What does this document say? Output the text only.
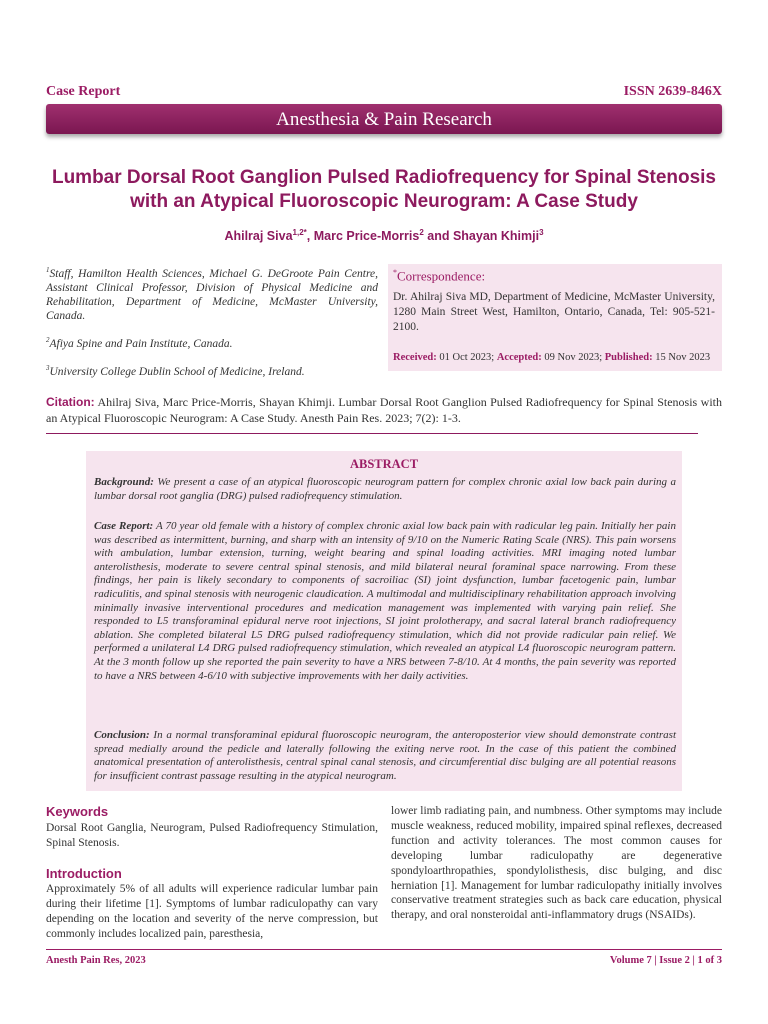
Case Report	ISSN 2639-846X
Anesthesia & Pain Research
Lumbar Dorsal Root Ganglion Pulsed Radiofrequency for Spinal Stenosis
with an Atypical Fluoroscopic Neurogram: A Case Study
Ahilraj Siva$^{1,2*}$, Marc Price-Morris$^2$ and Shayan Khimji$^3$
$^1$Staff, Hamilton Health Sciences, Michael G. DeGroote Pain Centre, Assistant Clinical Professor, Division of Physical Medicine and Rehabilitation, Department of Medicine, McMaster University, Canada.
$^2$Afiya Spine and Pain Institute, Canada.
$^3$University College Dublin School of Medicine, Ireland.
*Correspondence:
Dr. Ahilraj Siva MD, Department of Medicine, McMaster University, 1280 Main Street West, Hamilton, Ontario, Canada, Tel: 905-521-2100.
Received: 01 Oct 2023; Accepted: 09 Nov 2023; Published: 15 Nov 2023
Citation: Ahilraj Siva, Marc Price-Morris, Shayan Khimji. Lumbar Dorsal Root Ganglion Pulsed Radiofrequency for Spinal Stenosis with an Atypical Fluoroscopic Neurogram: A Case Study. Anesth Pain Res. 2023; 7(2): 1-3.
ABSTRACT
Background: We present a case of an atypical fluoroscopic neurogram pattern for complex chronic axial low back pain during a lumbar dorsal root ganglia (DRG) pulsed radiofrequency stimulation.
Case Report: A 70 year old female with a history of complex chronic axial low back pain with radicular leg pain. Initially her pain was described as intermittent, burning, and sharp with an intensity of 9/10 on the Numeric Rating Scale (NRS). This pain worsens with ambulation, lumbar extension, turning, weight bearing and spinal loading activities. MRI imaging noted lumbar anterolisthesis, moderate to severe central spinal stenosis, and mild bilateral neural foraminal space narrowing. From these findings, her pain is likely secondary to components of sacroiliac (SI) joint dysfunction, lumbar facetogenic pain, lumbar radiculitis, and spinal stenosis with neurogenic claudication. A multimodal and multidisciplinary rehabilitation approach involving minimally invasive interventional procedures and medication management was implemented with varying pain relief. She responded to L5 transforaminal epidural nerve root injections, SI joint prolotherapy, and sacral lateral branch radiofrequency ablation. She completed bilateral L5 DRG pulsed radiofrequency stimulation, which did not provide radicular pain relief. We performed a unilateral L4 DRG pulsed radiofrequency stimulation, which revealed an atypical L4 fluoroscopic neurogram pattern. At the 3 month follow up she reported the pain severity to have a NRS between 7-8/10. At 4 months, the pain severity was reported to have a NRS between 4-6/10 with subjective improvements with her daily activities.
Conclusion: In a normal transforaminal epidural fluoroscopic neurogram, the anteroposterior view should demonstrate contrast spread medially around the pedicle and laterally following the exiting nerve root. In the case of this patient the combined anatomical presentation of anterolisthesis, central spinal canal stenosis, and circumferential disc bulging are all potential reasons for insufficient contrast passage resulting in the atypical neurogram.
Keywords
Dorsal Root Ganglia, Neurogram, Pulsed Radiofrequency Stimulation, Spinal Stenosis.
Introduction
Approximately 5% of all adults will experience radicular lumbar pain during their lifetime [1]. Symptoms of lumbar radiculopathy can vary depending on the location and severity of the nerve compression, but commonly includes localized pain, paresthesia,
lower limb radiating pain, and numbness. Other symptoms may include muscle weakness, reduced mobility, impaired spinal reflexes, decreased function and activity tolerances. The most common causes for developing lumbar radiculopathy are degenerative spondyloarthropathies, spondylolisthesis, disc bulging, and disc herniation [1]. Management for lumbar radiculopathy initially involves conservative treatment strategies such as back care education, physical therapy, and oral nonsteroidal anti-inflammatory drugs (NSAIDs).
Anesth Pain Res, 2023	Volume 7 | Issue 2 | 1 of 3
